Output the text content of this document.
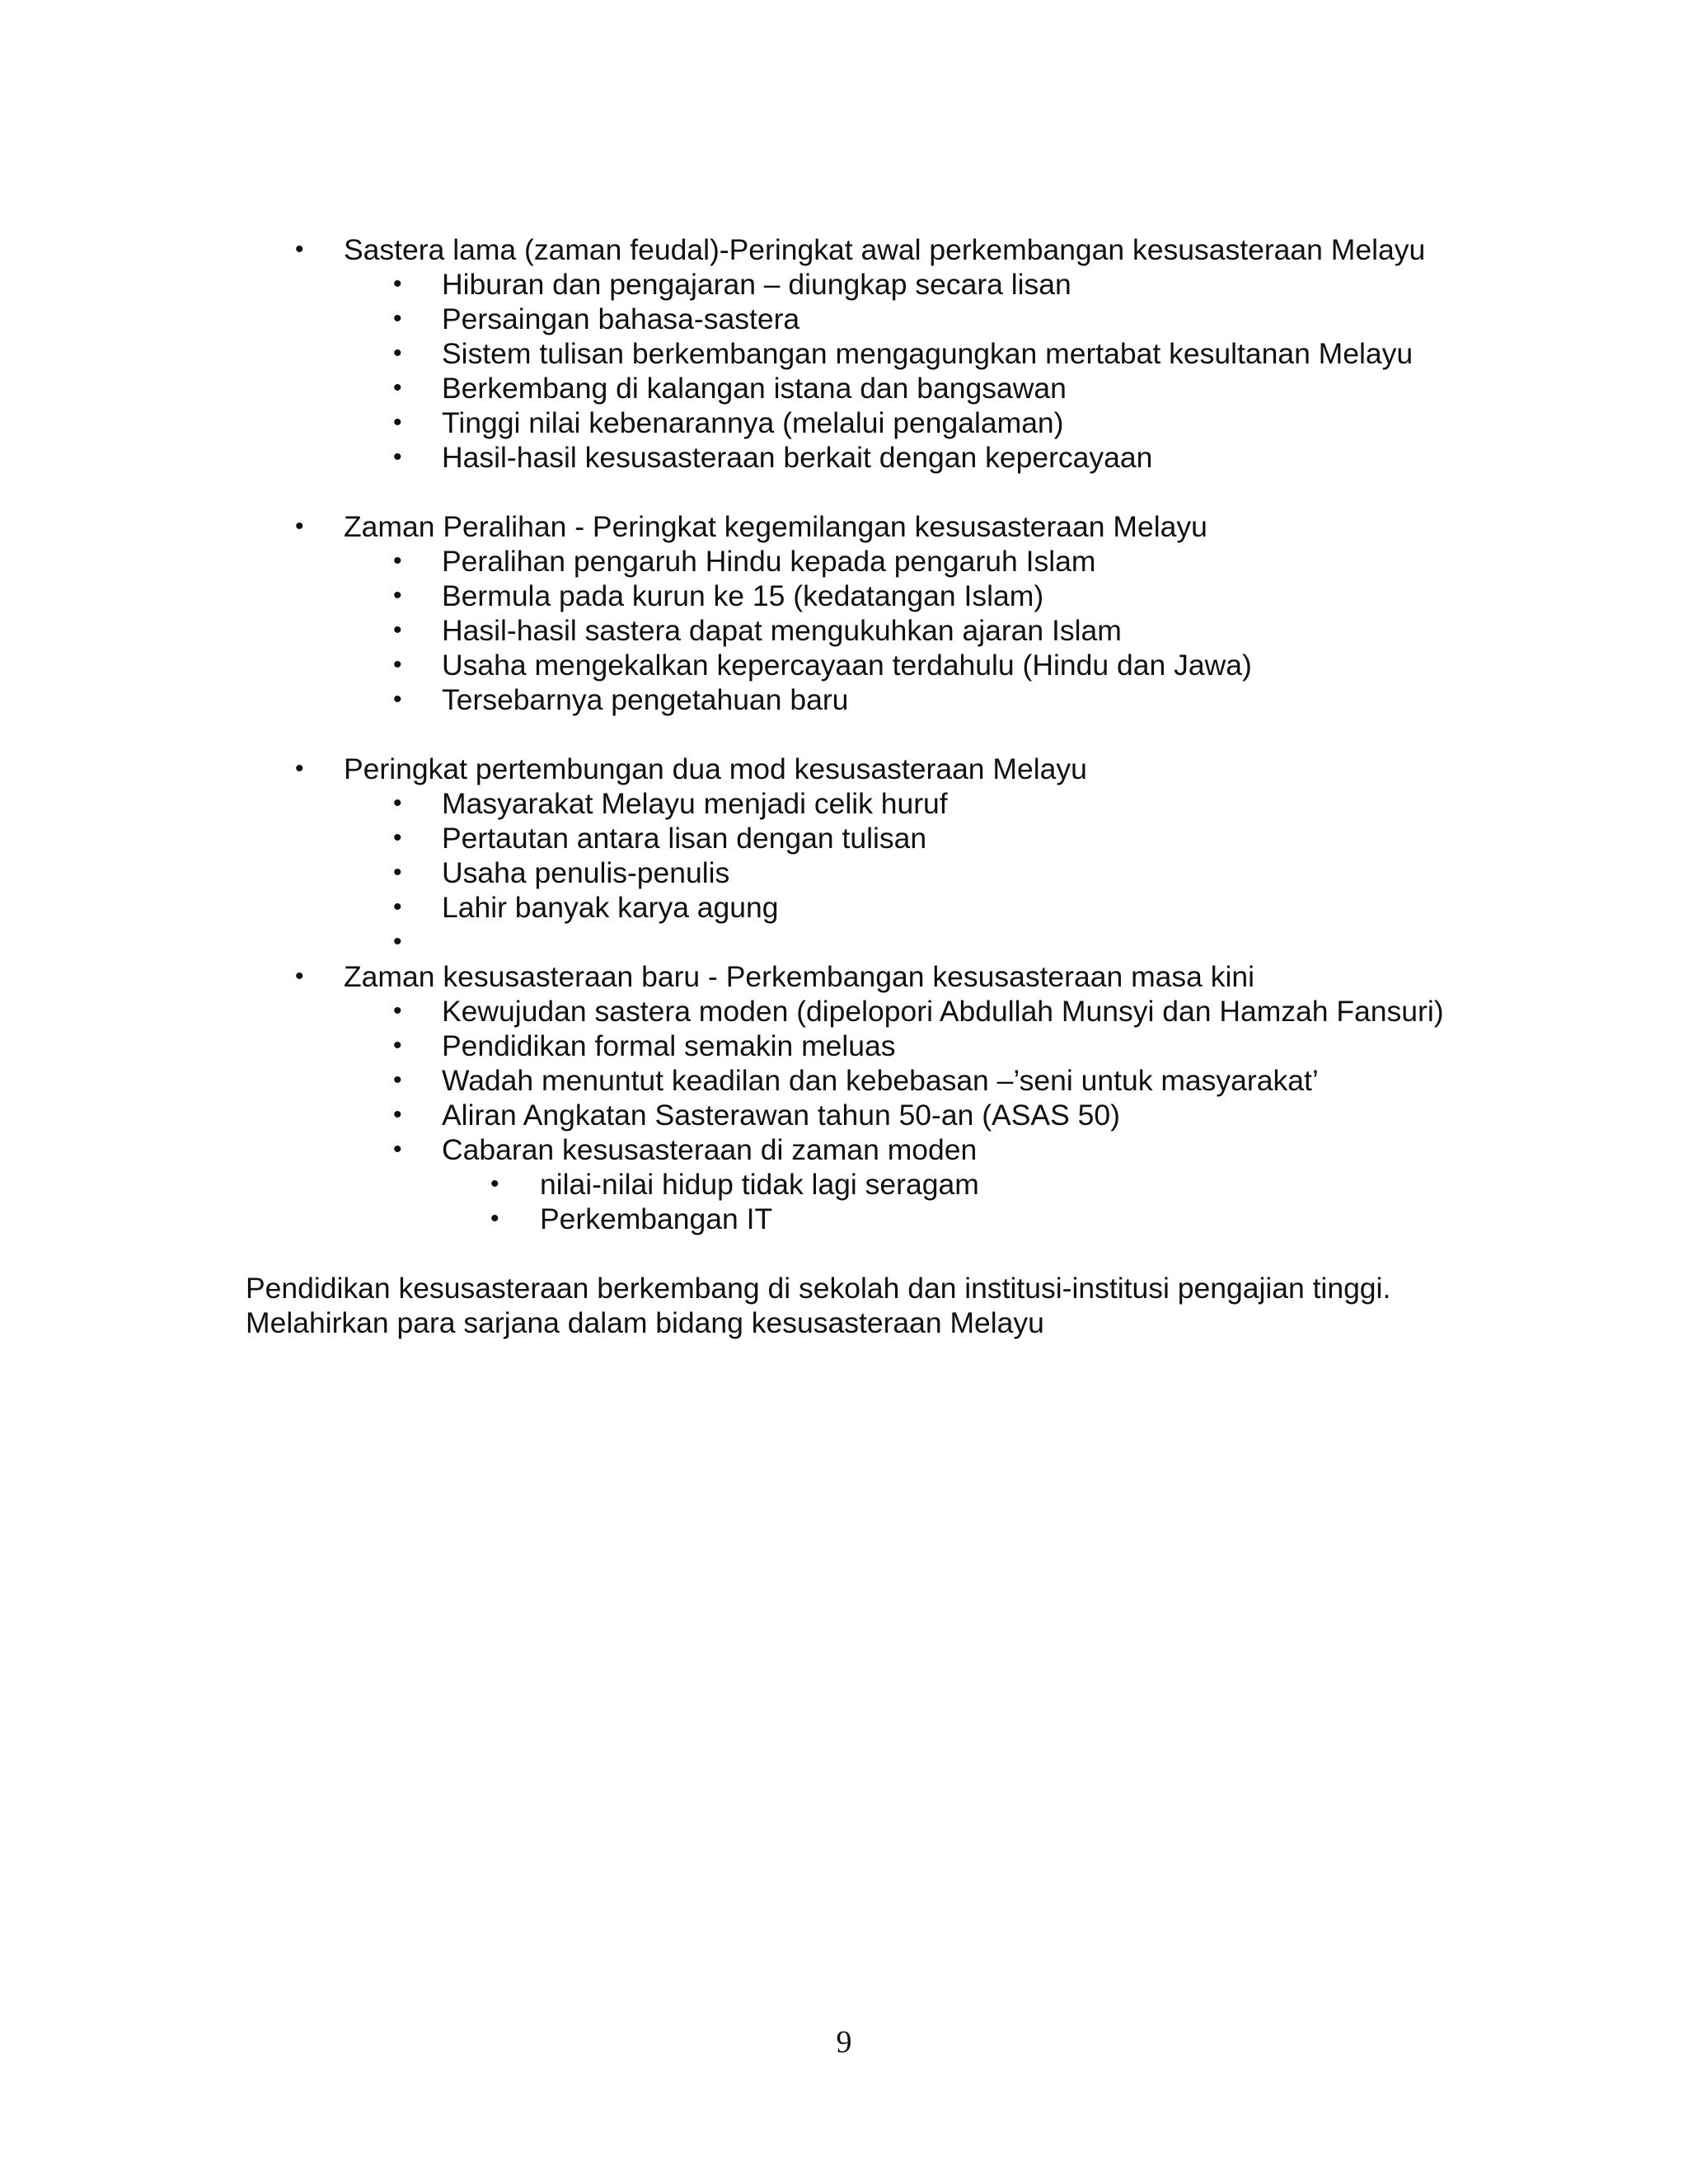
• Sastera lama (zaman feudal)-Peringkat awal perkembangan kesusasteraan Melayu
• Hiburan dan pengajaran – diungkap secara lisan
• Persaingan bahasa-sastera
• Sistem tulisan berkembangan mengagungkan mertabat kesultanan Melayu
• Berkembang di kalangan istana dan bangsawan
• Tinggi nilai kebenarannya (melalui pengalaman)
• Hasil-hasil kesusasteraan berkait dengan kepercayaan
• Zaman Peralihan - Peringkat kegemilangan kesusasteraan Melayu
• Peralihan pengaruh Hindu kepada pengaruh Islam
• Bermula pada kurun ke 15 (kedatangan Islam)
• Hasil-hasil sastera dapat mengukuhkan ajaran Islam
• Usaha mengekalkan kepercayaan terdahulu (Hindu dan Jawa)
• Tersebarnya pengetahuan baru
• Peringkat pertembungan dua mod kesusasteraan Melayu
• Masyarakat Melayu menjadi celik huruf
• Pertautan antara lisan dengan tulisan
• Usaha penulis-penulis
• Lahir banyak karya agung
•
• Zaman kesusasteraan baru - Perkembangan kesusasteraan masa kini
• Kewujudan sastera moden (dipelopori Abdullah Munsyi dan Hamzah Fansuri)
• Pendidikan formal semakin meluas
• Wadah menuntut keadilan dan kebebasan –’seni untuk masyarakat’
• Aliran Angkatan Sasterawan tahun 50-an (ASAS 50)
• Cabaran kesusasteraan di zaman moden
• nilai-nilai hidup tidak lagi seragam
• Perkembangan IT
Pendidikan kesusasteraan berkembang di sekolah dan institusi-institusi pengajian tinggi.
Melahirkan para sarjana dalam bidang kesusasteraan Melayu
9
